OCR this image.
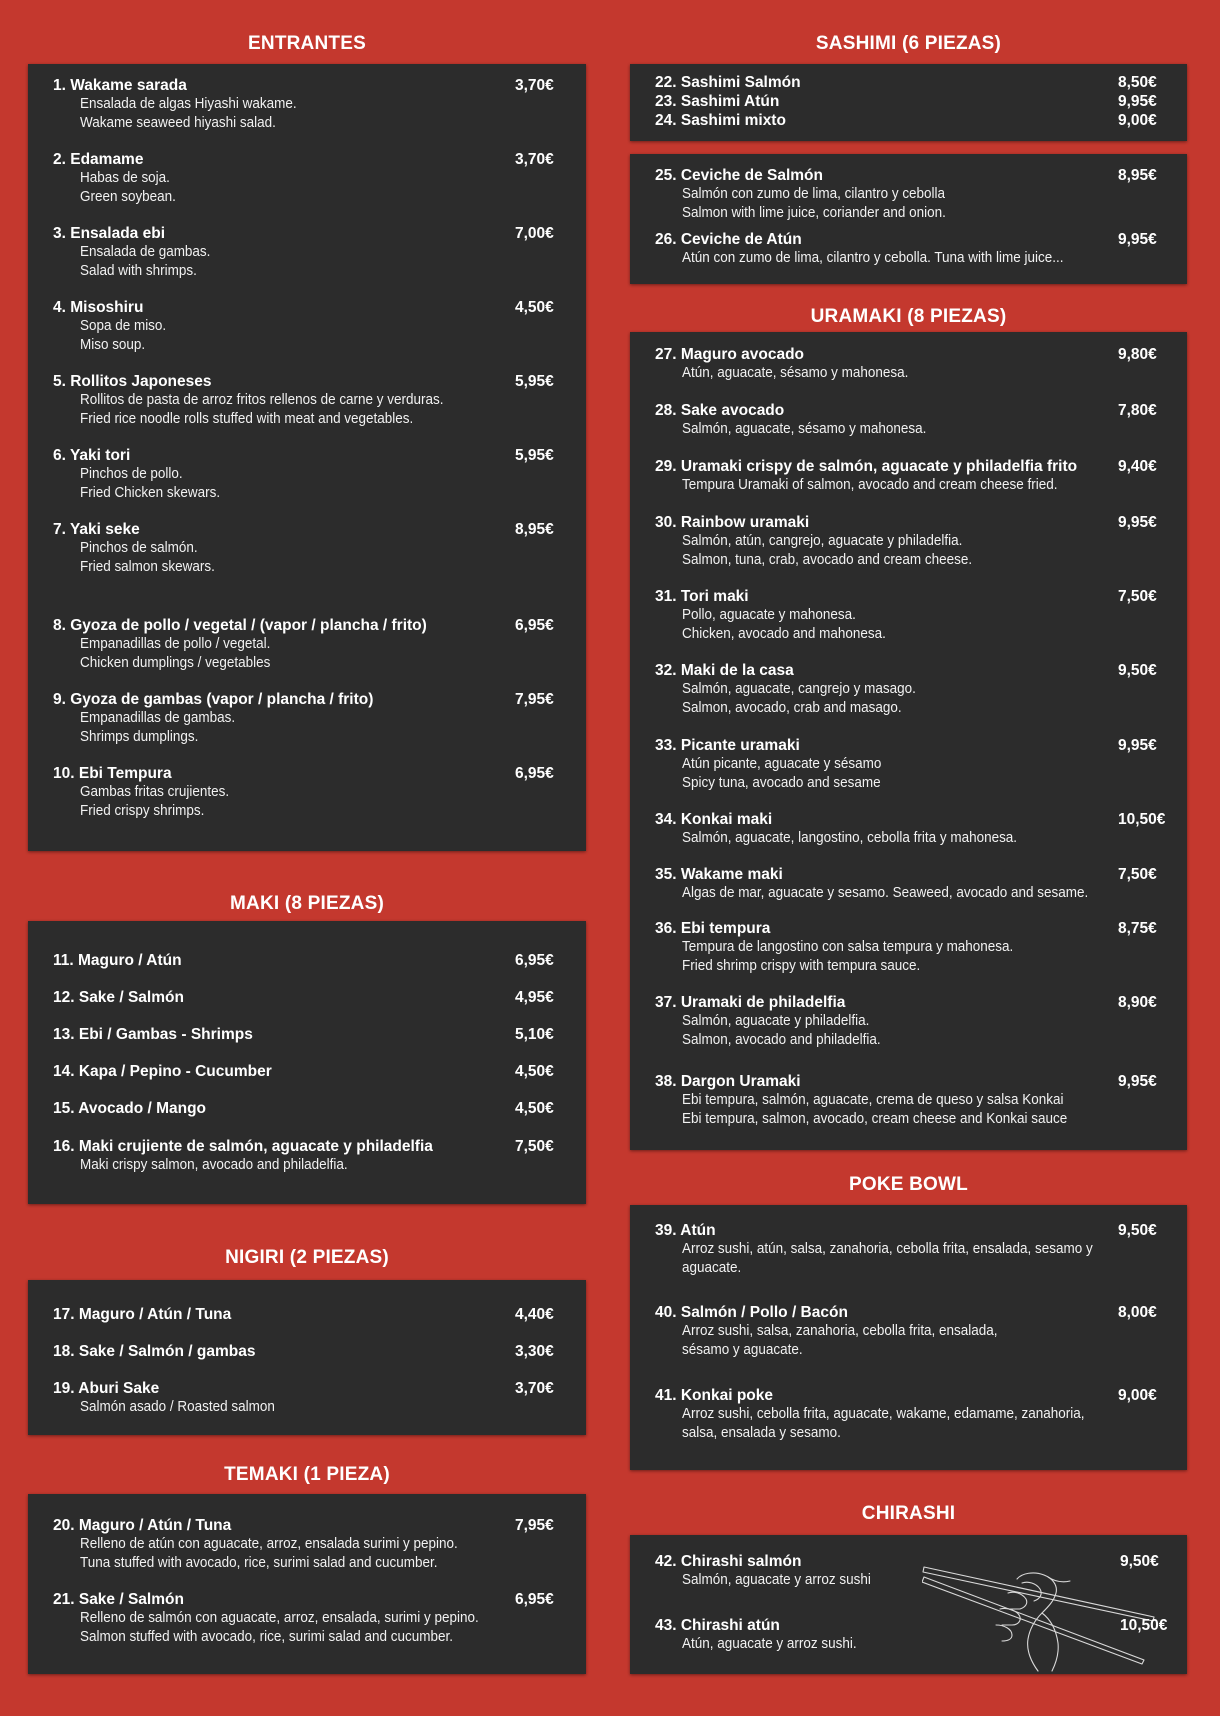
ENTRANTES
1. Wakame sarada	3,70€
Ensalada de algas Hiyashi wakame.
Wakame seaweed hiyashi salad.
2. Edamame	3,70€
Habas de soja.
Green soybean.
3. Ensalada ebi	7,00€
Ensalada de gambas.
Salad with shrimps.
4. Misoshiru	4,50€
Sopa de miso.
Miso soup.
5. Rollitos Japoneses	5,95€
Rollitos de pasta de arroz fritos rellenos de carne y verduras.
Fried rice noodle rolls stuffed with meat and vegetables.
6. Yaki tori	5,95€
Pinchos de pollo.
Fried Chicken skewars.
7. Yaki seke	8,95€
Pinchos de salmón.
Fried salmon skewars.
8. Gyoza de pollo / vegetal / (vapor / plancha / frito)	6,95€
Empanadillas de pollo / vegetal.
Chicken dumplings / vegetables
9. Gyoza de gambas (vapor / plancha / frito)	7,95€
Empanadillas de gambas.
Shrimps dumplings.
10. Ebi Tempura	6,95€
Gambas fritas crujientes.
Fried crispy shrimps.
MAKI (8 PIEZAS)
11. Maguro / Atún	6,95€
12. Sake / Salmón	4,95€
13. Ebi / Gambas - Shrimps	5,10€
14. Kapa / Pepino - Cucumber	4,50€
15. Avocado / Mango	4,50€
16. Maki crujiente de salmón, aguacate y philadelfia	7,50€
Maki crispy salmon, avocado and philadelfia.
NIGIRI (2 PIEZAS)
17. Maguro / Atún / Tuna	4,40€
18. Sake / Salmón / gambas	3,30€
19. Aburi Sake	3,70€
Salmón asado / Roasted salmon
TEMAKI (1 PIEZA)
20. Maguro / Atún / Tuna	7,95€
Relleno de atún con aguacate, arroz, ensalada surimi y pepino.
Tuna stuffed with avocado, rice, surimi salad and cucumber.
21. Sake / Salmón	6,95€
Relleno de salmón con aguacate, arroz, ensalada, surimi y pepino.
Salmon stuffed with avocado, rice, surimi salad and cucumber.
SASHIMI (6 PIEZAS)
22. Sashimi Salmón	8,50€
23. Sashimi Atún	9,95€
24. Sashimi mixto	9,00€
25. Ceviche de Salmón	8,95€
Salmón con zumo de lima, cilantro y cebolla
Salmon with lime juice, coriander and onion.
26. Ceviche de Atún	9,95€
Atún con zumo de lima, cilantro y cebolla. Tuna with lime juice...
URAMAKI (8 PIEZAS)
27. Maguro avocado	9,80€
Atún, aguacate, sésamo y mahonesa.
28. Sake avocado	7,80€
Salmón, aguacate, sésamo y mahonesa.
29. Uramaki crispy de salmón, aguacate y philadelfia frito	9,40€
Tempura Uramaki of salmon, avocado and cream cheese fried.
30. Rainbow uramaki	9,95€
Salmón, atún, cangrejo, aguacate y philadelfia.
Salmon, tuna, crab, avocado and cream cheese.
31. Tori maki	7,50€
Pollo, aguacate y mahonesa.
Chicken, avocado and mahonesa.
32. Maki de la casa	9,50€
Salmón, aguacate, cangrejo y masago.
Salmon, avocado, crab and masago.
33. Picante uramaki	9,95€
Atún picante, aguacate y sésamo
Spicy tuna, avocado and sesame
34. Konkai maki	10,50€
Salmón, aguacate, langostino, cebolla frita y mahonesa.
35. Wakame maki	7,50€
Algas de mar, aguacate y sesamo. Seaweed, avocado and sesame.
36. Ebi tempura	8,75€
Tempura de langostino con salsa tempura y mahonesa.
Fried shrimp crispy with tempura sauce.
37. Uramaki de philadelfia	8,90€
Salmón, aguacate y philadelfia.
Salmon, avocado and philadelfia.
38. Dargon Uramaki	9,95€
Ebi tempura, salmón, aguacate, crema de queso y salsa Konkai
Ebi tempura, salmon, avocado, cream cheese and Konkai sauce
POKE BOWL
39. Atún	9,50€
Arroz sushi, atún, salsa, zanahoria, cebolla frita, ensalada, sesamo y
aguacate.
40. Salmón / Pollo / Bacón	8,00€
Arroz sushi, salsa, zanahoria, cebolla frita, ensalada,
sésamo y aguacate.
41. Konkai poke	9,00€
Arroz sushi, cebolla frita, aguacate, wakame, edamame, zanahoria,
salsa, ensalada y sesamo.
CHIRASHI
42. Chirashi salmón	9,50€
Salmón, aguacate y arroz sushi
43. Chirashi atún	10,50€
Atún, aguacate y arroz sushi.
